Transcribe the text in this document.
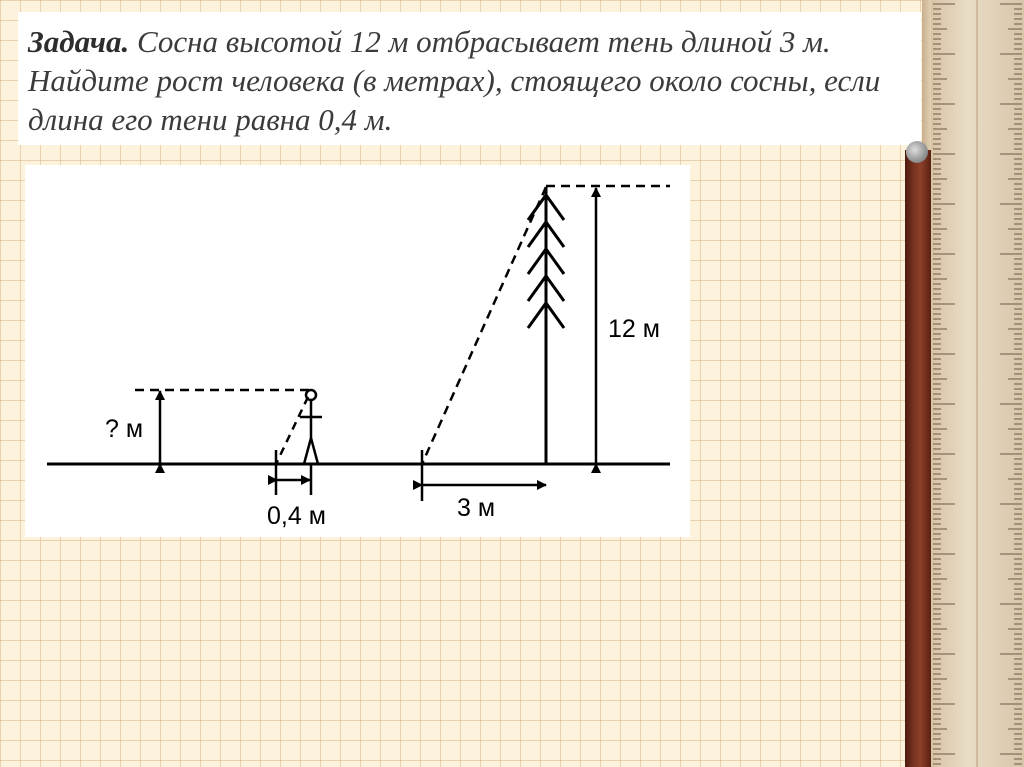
Задача. Сосна высотой 12 м отбрасывает тень длиной 3 м. Найдите рост человека (в метрах), стоящего около сосны, если длина его тени равна 0,4 м.

12 м
3 м
? м
0,4 м
